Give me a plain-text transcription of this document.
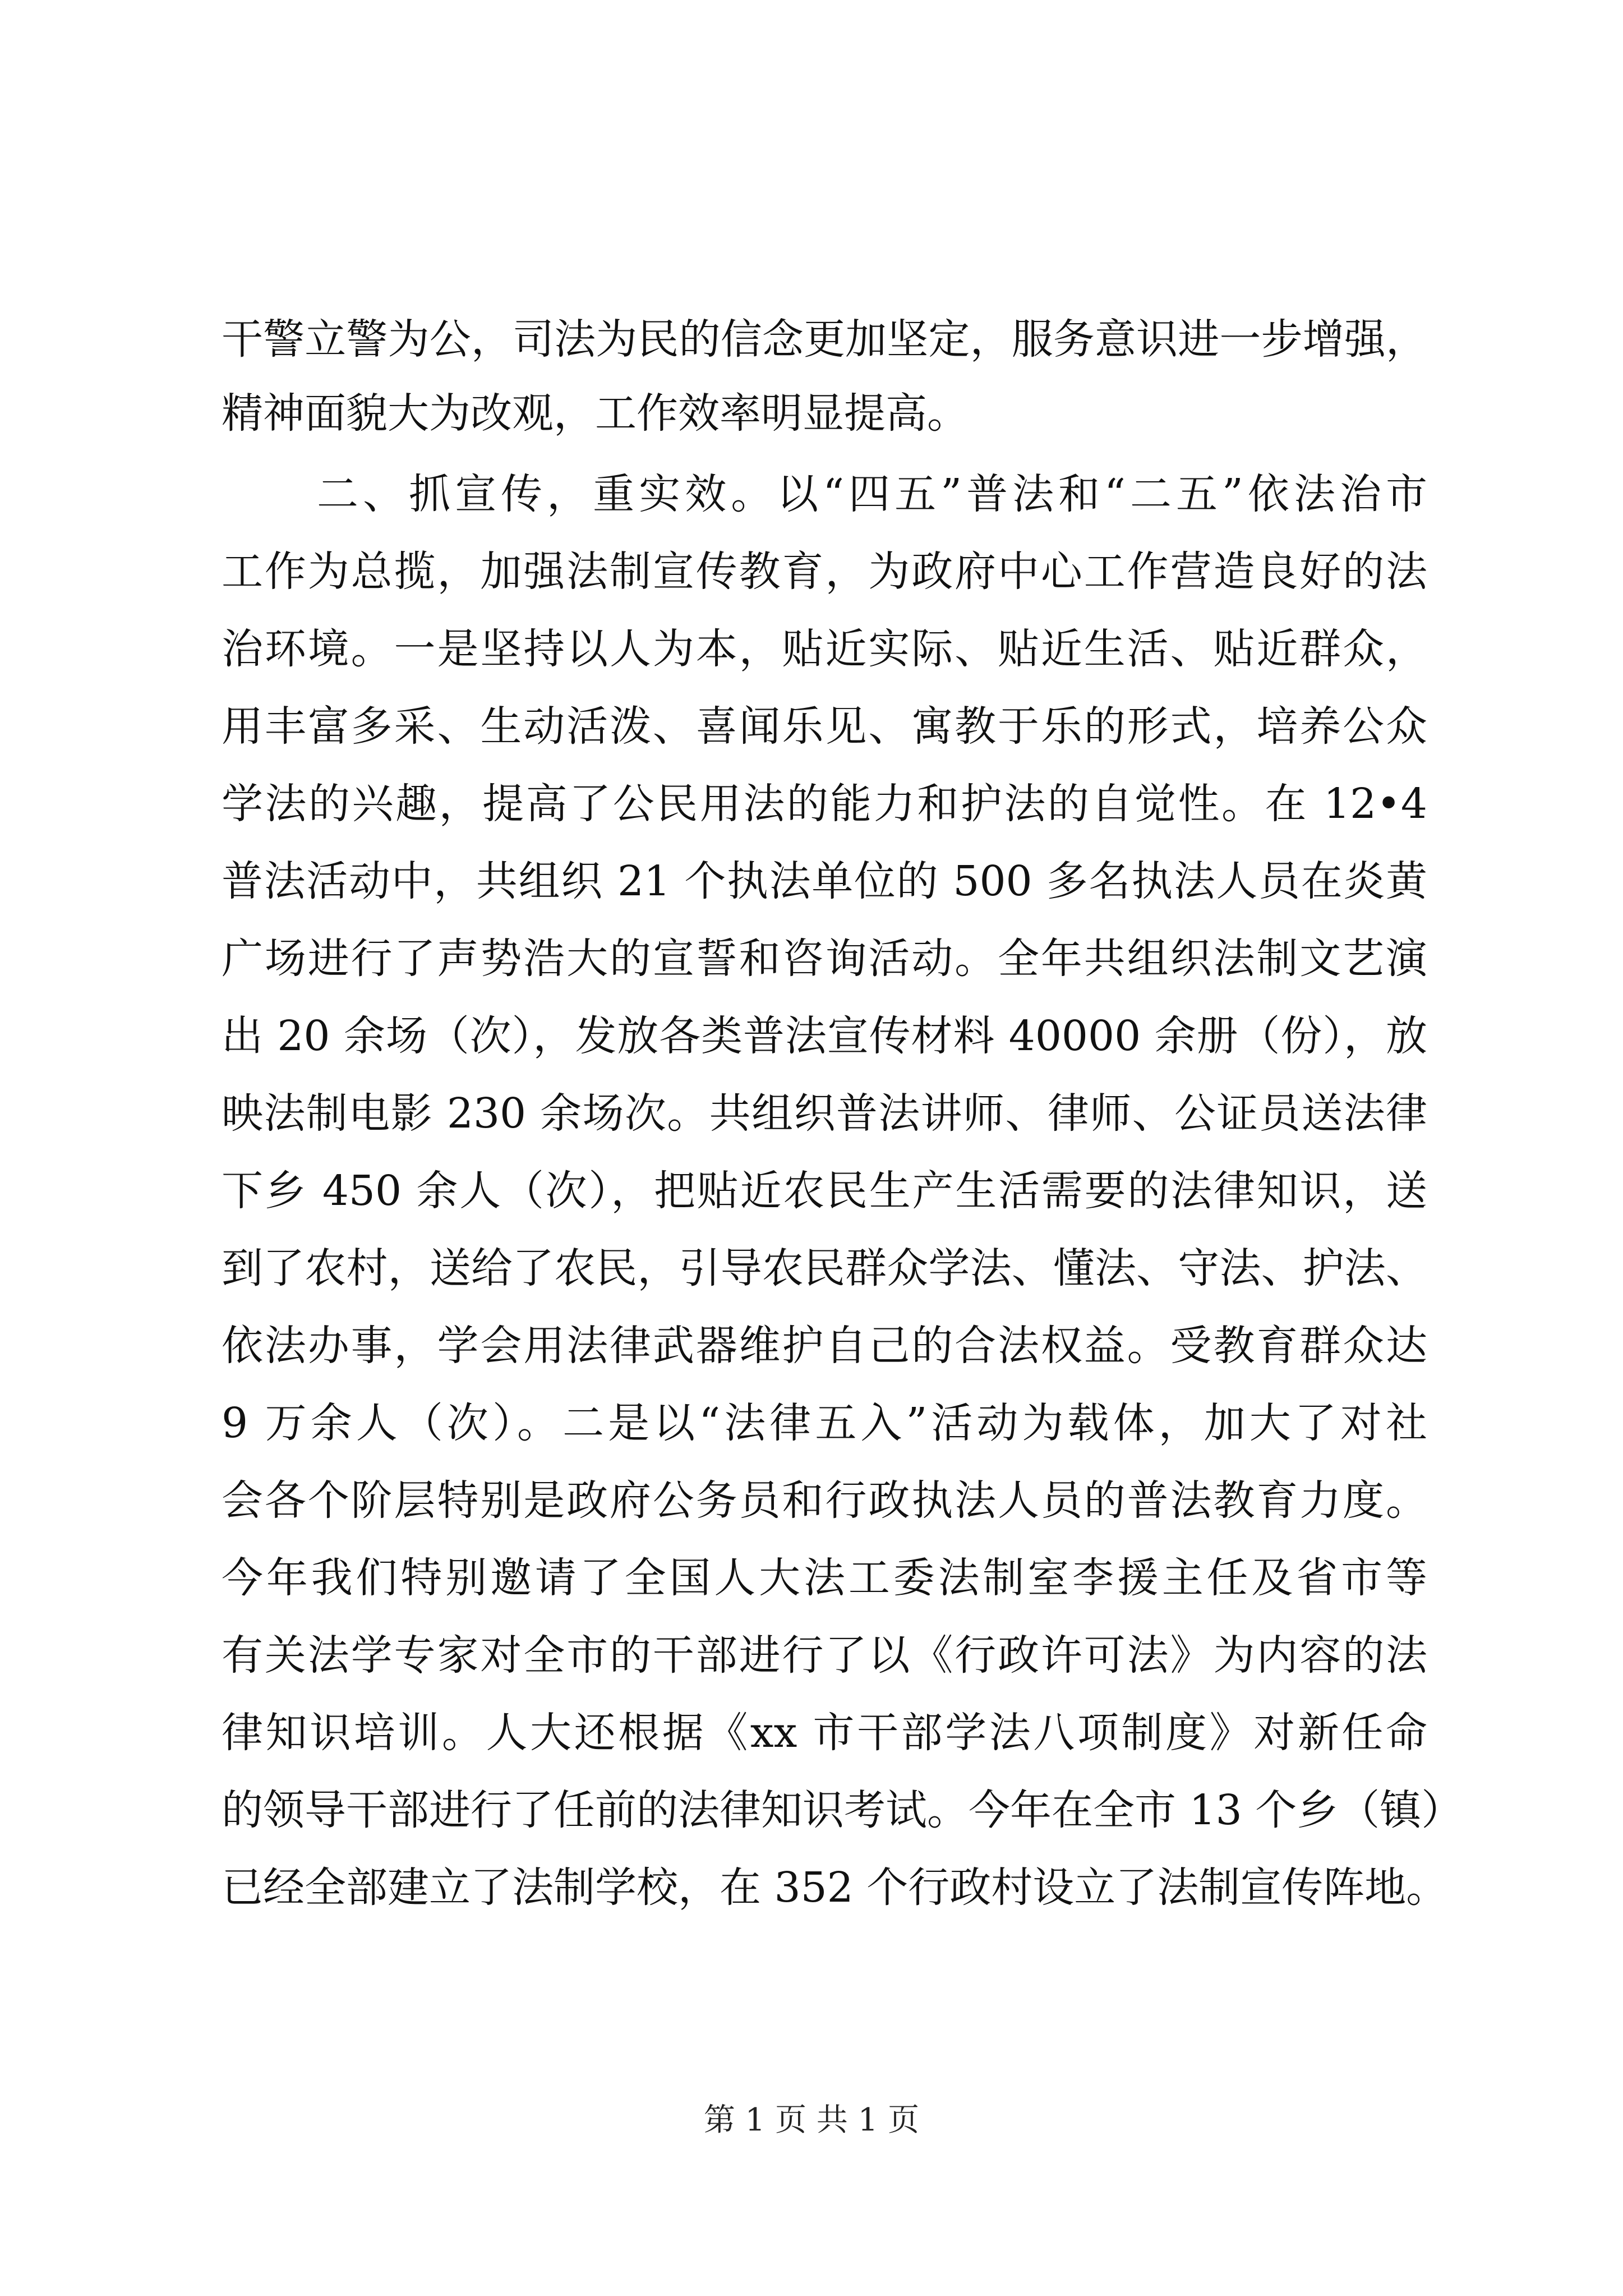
干警立警为公，司法为民的信念更加坚定，服务意识进一步增强，
精神面貌大为改观，工作效率明显提高。
二、抓宣传，重实效。以“四五”普法和“二五”依法治市
工作为总揽，加强法制宣传教育，为政府中心工作营造良好的法
治环境。一是坚持以人为本，贴近实际、贴近生活、贴近群众，
用丰富多采、生动活泼、喜闻乐见、寓教于乐的形式，培养公众
学法的兴趣，提高了公民用法的能力和护法的自觉性。在 12•4
普法活动中，共组织 21 个执法单位的 500 多名执法人员在炎黄
广场进行了声势浩大的宣誓和咨询活动。全年共组织法制文艺演
出 20 余场（次），发放各类普法宣传材料 40000 余册（份），放
映法制电影 230 余场次。共组织普法讲师、律师、公证员送法律
下乡 450 余人（次），把贴近农民生产生活需要的法律知识，送
到了农村，送给了农民，引导农民群众学法、懂法、守法、护法、
依法办事，学会用法律武器维护自己的合法权益。受教育群众达
9 万余人（次）。二是以“法律五入”活动为载体，加大了对社
会各个阶层特别是政府公务员和行政执法人员的普法教育力度。
今年我们特别邀请了全国人大法工委法制室李援主任及省市等
有关法学专家对全市的干部进行了以《行政许可法》为内容的法
律知识培训。人大还根据《xx 市干部学法八项制度》对新任命
的领导干部进行了任前的法律知识考试。今年在全市 13 个乡（镇）
已经全部建立了法制学校，在 352 个行政村设立了法制宣传阵地。
第 1 页 共 1 页
